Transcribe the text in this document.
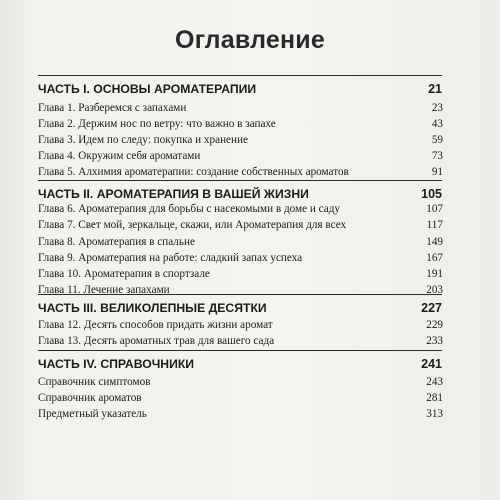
Оглавление
ЧАСТЬ I. ОСНОВЫ АРОМАТЕРАПИИ	21
Глава 1. Разберемся с запахами	23
Глава 2. Держим нос по ветру: что важно в запахе	43
Глава 3. Идем по следу: покупка и хранение	59
Глава 4. Окружим себя ароматами	73
Глава 5. Алхимия ароматерапии: создание собственных ароматов	91
ЧАСТЬ II. АРОМАТЕРАПИЯ В ВАШЕЙ ЖИЗНИ	105
Глава 6. Ароматерапия для борьбы с насекомыми в доме и саду	107
Глава 7. Свет мой, зеркальце, скажи, или Ароматерапия для всех	117
Глава 8. Ароматерапия в спальне	149
Глава 9. Ароматерапия на работе: сладкий запах успеха	167
Глава 10. Ароматерапия в спортзале	191
Глава 11. Лечение запахами	203
ЧАСТЬ III. ВЕЛИКОЛЕПНЫЕ ДЕСЯТКИ	227
Глава 12. Десять способов придать жизни аромат	229
Глава 13. Десять ароматных трав для вашего сада	233
ЧАСТЬ IV. СПРАВОЧНИКИ	241
Справочник симптомов	243
Справочник ароматов	281
Предметный указатель	313
